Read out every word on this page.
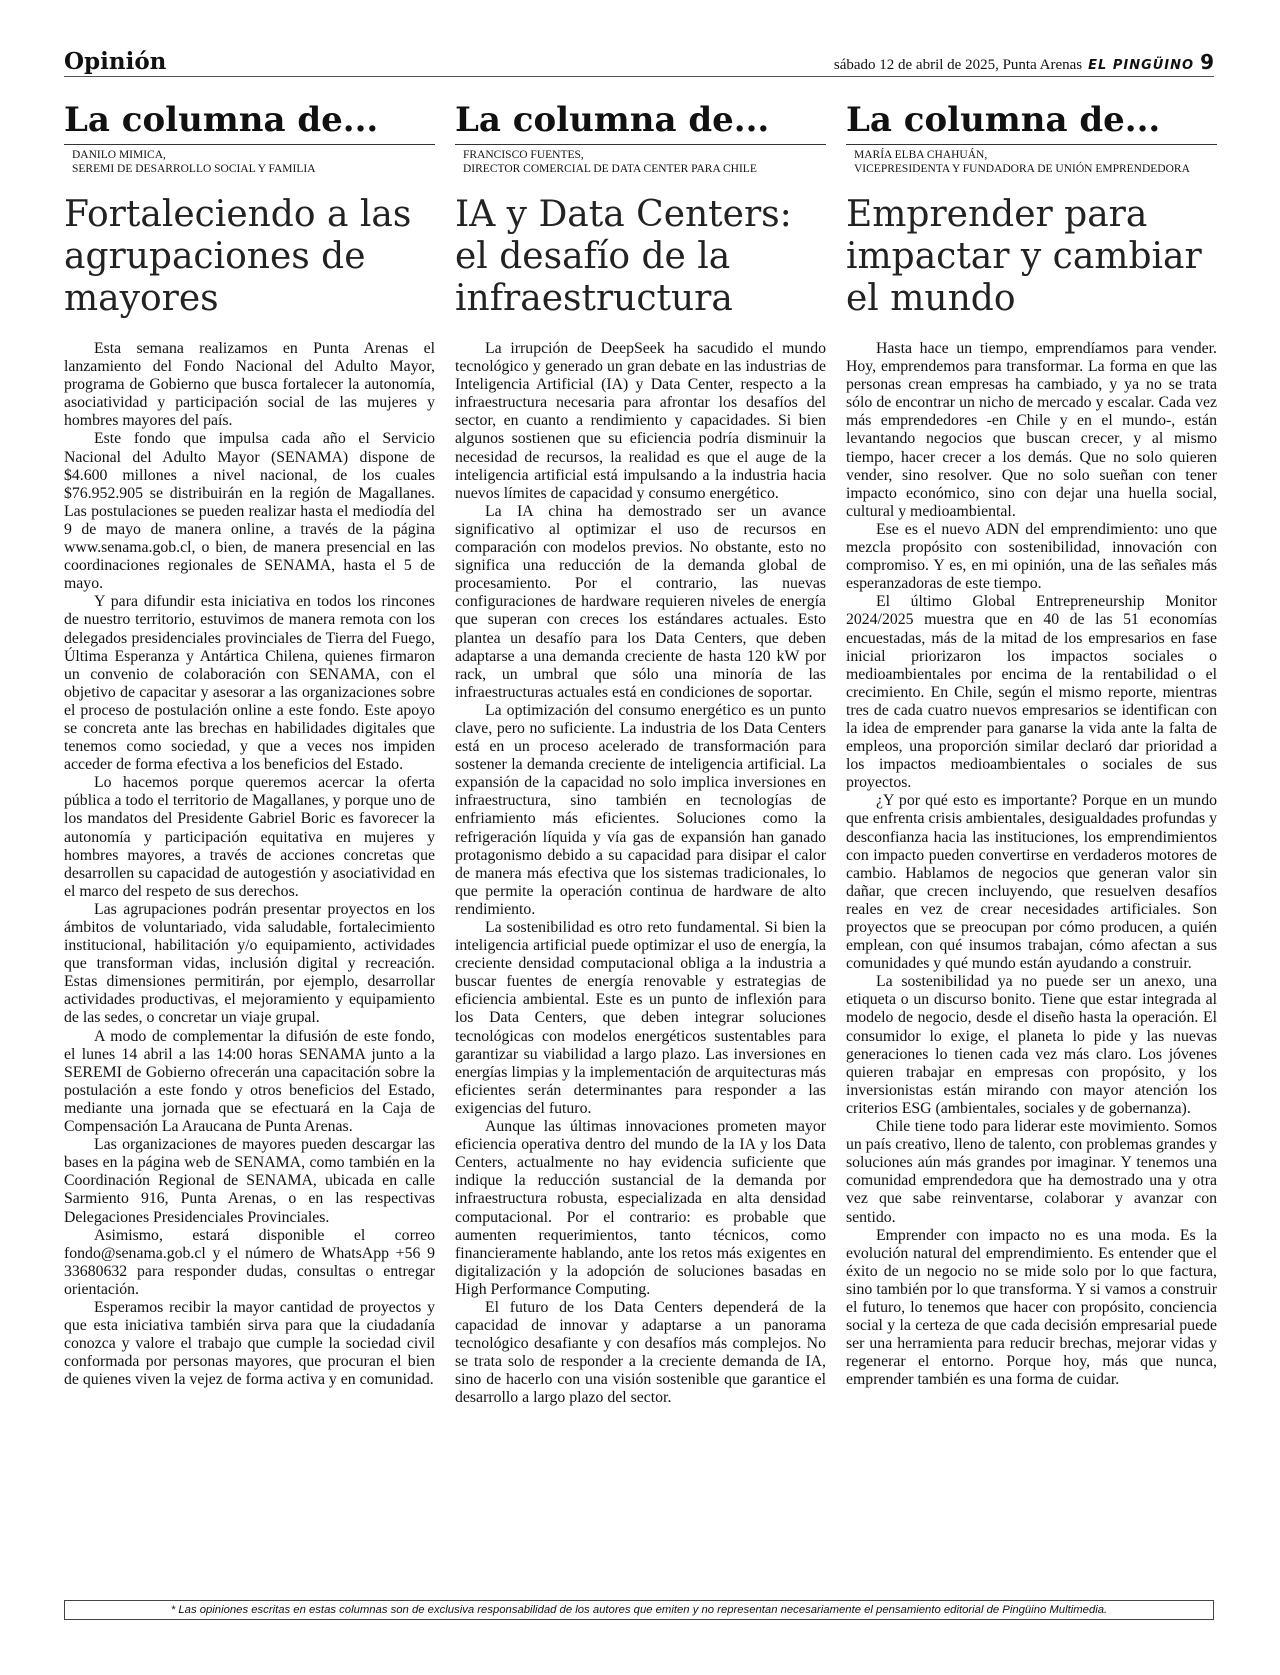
Opinión	sábado 12 de abril de 2025, Punta Arenas EL PINGÜINO 9
La columna de...
DANILO MIMICA,
SEREMI DE DESARROLLO SOCIAL Y FAMILIA
Fortaleciendo a las agrupaciones de mayores

Esta semana realizamos en Punta Arenas el lanzamiento del Fondo Nacional del Adulto Mayor, programa de Gobierno que busca fortalecer la autonomía, asociatividad y participación social de las mujeres y hombres mayores del país.

Este fondo que impulsa cada año el Servicio Nacional del Adulto Mayor (SENAMA) dispone de $4.600 millones a nivel nacional, de los cuales $76.952.905 se distribuirán en la región de Magallanes. Las postulaciones se pueden realizar hasta el mediodía del 9 de mayo de manera online, a través de la página www.senama.gob.cl, o bien, de manera presencial en las coordinaciones regionales de SENAMA, hasta el 5 de mayo.

Y para difundir esta iniciativa en todos los rincones de nuestro territorio, estuvimos de manera remota con los delegados presidenciales provinciales de Tierra del Fuego, Última Esperanza y Antártica Chilena, quienes firmaron un convenio de colaboración con SENAMA, con el objetivo de capacitar y asesorar a las organizaciones sobre el proceso de postulación online a este fondo. Este apoyo se concreta ante las brechas en habilidades digitales que tenemos como sociedad, y que a veces nos impiden acceder de forma efectiva a los beneficios del Estado.

Lo hacemos porque queremos acercar la oferta pública a todo el territorio de Magallanes, y porque uno de los mandatos del Presidente Gabriel Boric es favorecer la autonomía y participación equitativa en mujeres y hombres mayores, a través de acciones concretas que desarrollen su capacidad de autogestión y asociatividad en el marco del respeto de sus derechos.

Las agrupaciones podrán presentar proyectos en los ámbitos de voluntariado, vida saludable, fortalecimiento institucional, habilitación y/o equipamiento, actividades que transforman vidas, inclusión digital y recreación. Estas dimensiones permitirán, por ejemplo, desarrollar actividades productivas, el mejoramiento y equipamiento de las sedes, o concretar un viaje grupal.

A modo de complementar la difusión de este fondo, el lunes 14 abril a las 14:00 horas SENAMA junto a la SEREMI de Gobierno ofrecerán una capacitación sobre la postulación a este fondo y otros beneficios del Estado, mediante una jornada que se efectuará en la Caja de Compensación La Araucana de Punta Arenas.

Las organizaciones de mayores pueden descargar las bases en la página web de SENAMA, como también en la Coordinación Regional de SENAMA, ubicada en calle Sarmiento 916, Punta Arenas, o en las respectivas Delegaciones Presidenciales Provinciales.

Asimismo, estará disponible el correo fondo@senama.gob.cl y el número de WhatsApp +56 9 33680632 para responder dudas, consultas o entregar orientación.

Esperamos recibir la mayor cantidad de proyectos y que esta iniciativa también sirva para que la ciudadanía conozca y valore el trabajo que cumple la sociedad civil conformada por personas mayores, que procuran el bien de quienes viven la vejez de forma activa y en comunidad.

La columna de...
FRANCISCO FUENTES,
DIRECTOR COMERCIAL DE DATA CENTER PARA CHILE
IA y Data Centers: el desafío de la infraestructura

La irrupción de DeepSeek ha sacudido el mundo tecnológico y generado un gran debate en las industrias de Inteligencia Artificial (IA) y Data Center, respecto a la infraestructura necesaria para afrontar los desafíos del sector, en cuanto a rendimiento y capacidades. Si bien algunos sostienen que su eficiencia podría disminuir la necesidad de recursos, la realidad es que el auge de la inteligencia artificial está impulsando a la industria hacia nuevos límites de capacidad y consumo energético.

La IA china ha demostrado ser un avance significativo al optimizar el uso de recursos en comparación con modelos previos. No obstante, esto no significa una reducción de la demanda global de procesamiento. Por el contrario, las nuevas configuraciones de hardware requieren niveles de energía que superan con creces los estándares actuales. Esto plantea un desafío para los Data Centers, que deben adaptarse a una demanda creciente de hasta 120 kW por rack, un umbral que sólo una minoría de las infraestructuras actuales está en condiciones de soportar.

La optimización del consumo energético es un punto clave, pero no suficiente. La industria de los Data Centers está en un proceso acelerado de transformación para sostener la demanda creciente de inteligencia artificial. La expansión de la capacidad no solo implica inversiones en infraestructura, sino también en tecnologías de enfriamiento más eficientes. Soluciones como la refrigeración líquida y vía gas de expansión han ganado protagonismo debido a su capacidad para disipar el calor de manera más efectiva que los sistemas tradicionales, lo que permite la operación continua de hardware de alto rendimiento.

La sostenibilidad es otro reto fundamental. Si bien la inteligencia artificial puede optimizar el uso de energía, la creciente densidad computacional obliga a la industria a buscar fuentes de energía renovable y estrategias de eficiencia ambiental. Este es un punto de inflexión para los Data Centers, que deben integrar soluciones tecnológicas con modelos energéticos sustentables para garantizar su viabilidad a largo plazo. Las inversiones en energías limpias y la implementación de arquitecturas más eficientes serán determinantes para responder a las exigencias del futuro.

Aunque las últimas innovaciones prometen mayor eficiencia operativa dentro del mundo de la IA y los Data Centers, actualmente no hay evidencia suficiente que indique la reducción sustancial de la demanda por infraestructura robusta, especializada en alta densidad computacional. Por el contrario: es probable que aumenten requerimientos, tanto técnicos, como financieramente hablando, ante los retos más exigentes en digitalización y la adopción de soluciones basadas en High Performance Computing.

El futuro de los Data Centers dependerá de la capacidad de innovar y adaptarse a un panorama tecnológico desafiante y con desafíos más complejos. No se trata solo de responder a la creciente demanda de IA, sino de hacerlo con una visión sostenible que garantice el desarrollo a largo plazo del sector.

La columna de...
MARÍA ELBA CHAHUÁN,
VICEPRESIDENTA Y FUNDADORA DE UNIÓN EMPRENDEDORA
Emprender para impactar y cambiar el mundo

Hasta hace un tiempo, emprendíamos para vender. Hoy, emprendemos para transformar. La forma en que las personas crean empresas ha cambiado, y ya no se trata sólo de encontrar un nicho de mercado y escalar. Cada vez más emprendedores -en Chile y en el mundo-, están levantando negocios que buscan crecer, y al mismo tiempo, hacer crecer a los demás. Que no solo quieren vender, sino resolver. Que no solo sueñan con tener impacto económico, sino con dejar una huella social, cultural y medioambiental.

Ese es el nuevo ADN del emprendimiento: uno que mezcla propósito con sostenibilidad, innovación con compromiso. Y es, en mi opinión, una de las señales más esperanzadoras de este tiempo.

El último Global Entrepreneurship Monitor 2024/2025 muestra que en 40 de las 51 economías encuestadas, más de la mitad de los empresarios en fase inicial priorizaron los impactos sociales o medioambientales por encima de la rentabilidad o el crecimiento. En Chile, según el mismo reporte, mientras tres de cada cuatro nuevos empresarios se identifican con la idea de emprender para ganarse la vida ante la falta de empleos, una proporción similar declaró dar prioridad a los impactos medioambientales o sociales de sus proyectos.

¿Y por qué esto es importante? Porque en un mundo que enfrenta crisis ambientales, desigualdades profundas y desconfianza hacia las instituciones, los emprendimientos con impacto pueden convertirse en verdaderos motores de cambio. Hablamos de negocios que generan valor sin dañar, que crecen incluyendo, que resuelven desafíos reales en vez de crear necesidades artificiales. Son proyectos que se preocupan por cómo producen, a quién emplean, con qué insumos trabajan, cómo afectan a sus comunidades y qué mundo están ayudando a construir.

La sostenibilidad ya no puede ser un anexo, una etiqueta o un discurso bonito. Tiene que estar integrada al modelo de negocio, desde el diseño hasta la operación. El consumidor lo exige, el planeta lo pide y las nuevas generaciones lo tienen cada vez más claro. Los jóvenes quieren trabajar en empresas con propósito, y los inversionistas están mirando con mayor atención los criterios ESG (ambientales, sociales y de gobernanza).

Chile tiene todo para liderar este movimiento. Somos un país creativo, lleno de talento, con problemas grandes y soluciones aún más grandes por imaginar. Y tenemos una comunidad emprendedora que ha demostrado una y otra vez que sabe reinventarse, colaborar y avanzar con sentido.

Emprender con impacto no es una moda. Es la evolución natural del emprendimiento. Es entender que el éxito de un negocio no se mide solo por lo que factura, sino también por lo que transforma. Y si vamos a construir el futuro, lo tenemos que hacer con propósito, conciencia social y la certeza de que cada decisión empresarial puede ser una herramienta para reducir brechas, mejorar vidas y regenerar el entorno. Porque hoy, más que nunca, emprender también es una forma de cuidar.

* Las opiniones escritas en estas columnas son de exclusiva responsabilidad de los autores que emiten y no representan necesariamente el pensamiento editorial de Pingüino Multimedia.
